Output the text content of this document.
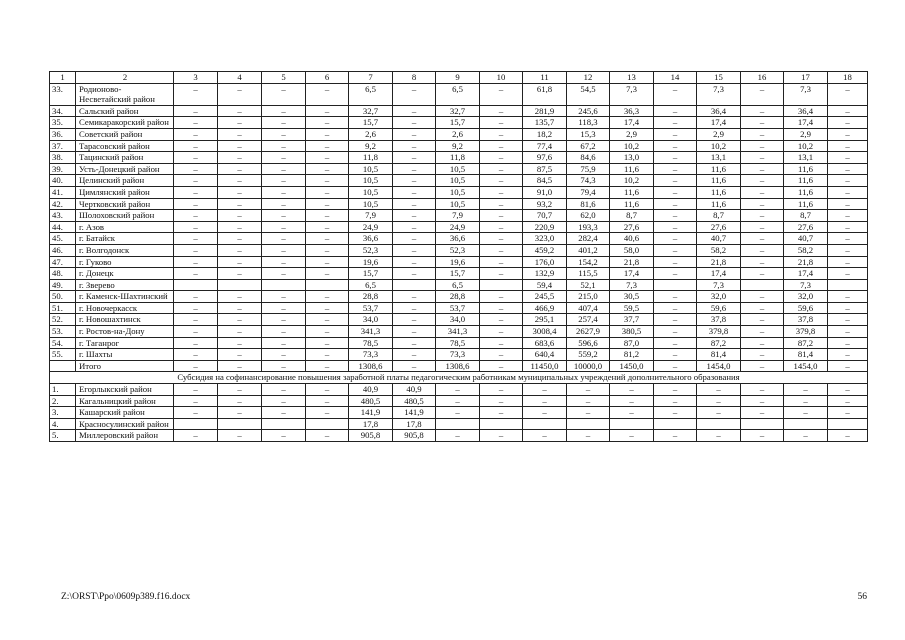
1	2	3	4	5	6	7	8	9	10	11	12	13	14	15	16	17	18
33.	Родионово-Несветайский район	–	–	–	–	6,5	–	6,5	–	61,8	54,5	7,3	–	7,3	–	7,3	–
34.	Сальский район	–	–	–	–	32,7	–	32,7	–	281,9	245,6	36,3	–	36,4	–	36,4	–
35.	Семикаракорский район	–	–	–	–	15,7	–	15,7	–	135,7	118,3	17,4	–	17,4	–	17,4	–
36.	Советский район	–	–	–	–	2,6	–	2,6	–	18,2	15,3	2,9	–	2,9	–	2,9	–
37.	Тарасовский район	–	–	–	–	9,2	–	9,2	–	77,4	67,2	10,2	–	10,2	–	10,2	–
38.	Тацинский район	–	–	–	–	11,8	–	11,8	–	97,6	84,6	13,0	–	13,1	–	13,1	–
39.	Усть-Донецкий район	–	–	–	–	10,5	–	10,5	–	87,5	75,9	11,6	–	11,6	–	11,6	–
40.	Целинский район	–	–	–	–	10,5	–	10,5	–	84,5	74,3	10,2	–	11,6	–	11,6	–
41.	Цимлянский район	–	–	–	–	10,5	–	10,5	–	91,0	79,4	11,6	–	11,6	–	11,6	–
42.	Чертковский район	–	–	–	–	10,5	–	10,5	–	93,2	81,6	11,6	–	11,6	–	11,6	–
43.	Шолоховский район	–	–	–	–	7,9	–	7,9	–	70,7	62,0	8,7	–	8,7	–	8,7	–
44.	г. Азов	–	–	–	–	24,9	–	24,9	–	220,9	193,3	27,6	–	27,6	–	27,6	–
45.	г. Батайск	–	–	–	–	36,6	–	36,6	–	323,0	282,4	40,6	–	40,7	–	40,7	–
46.	г. Волгодонск	–	–	–	–	52,3	–	52,3	–	459,2	401,2	58,0	–	58,2	–	58,2	–
47.	г. Гуково	–	–	–	–	19,6	–	19,6	–	176,0	154,2	21,8	–	21,8	–	21,8	–
48.	г. Донецк	–	–	–	–	15,7	–	15,7	–	132,9	115,5	17,4	–	17,4	–	17,4	–
49.	г. Зверево					6,5		6,5		59,4	52,1	7,3		7,3		7,3	
50.	г. Каменск-Шахтинский	–	–	–	–	28,8	–	28,8	–	245,5	215,0	30,5	–	32,0	–	32,0	–
51.	г. Новочеркасск	–	–	–	–	53,7	–	53,7	–	466,9	407,4	59,5	–	59,6	–	59,6	–
52.	г. Новошахтинск	–	–	–	–	34,0	–	34,0	–	295,1	257,4	37,7	–	37,8	–	37,8	–
53.	г. Ростов-на-Дону	–	–	–	–	341,3	–	341,3	–	3008,4	2627,9	380,5	–	379,8	–	379,8	–
54.	г. Таганрог	–	–	–	–	78,5	–	78,5	–	683,6	596,6	87,0	–	87,2	–	87,2	–
55.	г. Шахты	–	–	–	–	73,3	–	73,3	–	640,4	559,2	81,2	–	81,4	–	81,4	–
	Итого	–	–	–	–	1308,6	–	1308,6	–	11450,0	10000,0	1450,0	–	1454,0	–	1454,0	–
Субсидия на софинансирование повышения заработной платы педагогическим работникам муниципальных учреждений дополнительного образования																	
1.	Егорлыкский район	–	–	–	–	40,9	40,9	–	–	–	–	–	–	–	–	–	–
2.	Кагальницкий район	–	–	–	–	480,5	480,5	–	–	–	–	–	–	–	–	–	–
3.	Кашарский район	–	–	–	–	141,9	141,9	–	–	–	–	–	–	–	–	–	–
4.	Красносулинский район					17,8	17,8										
5.	Миллеровский район	–	–	–	–	905,8	905,8	–	–	–	–	–	–	–	–	–	–
Z:\ORST\Ppo\0609p389.f16.docx	56
